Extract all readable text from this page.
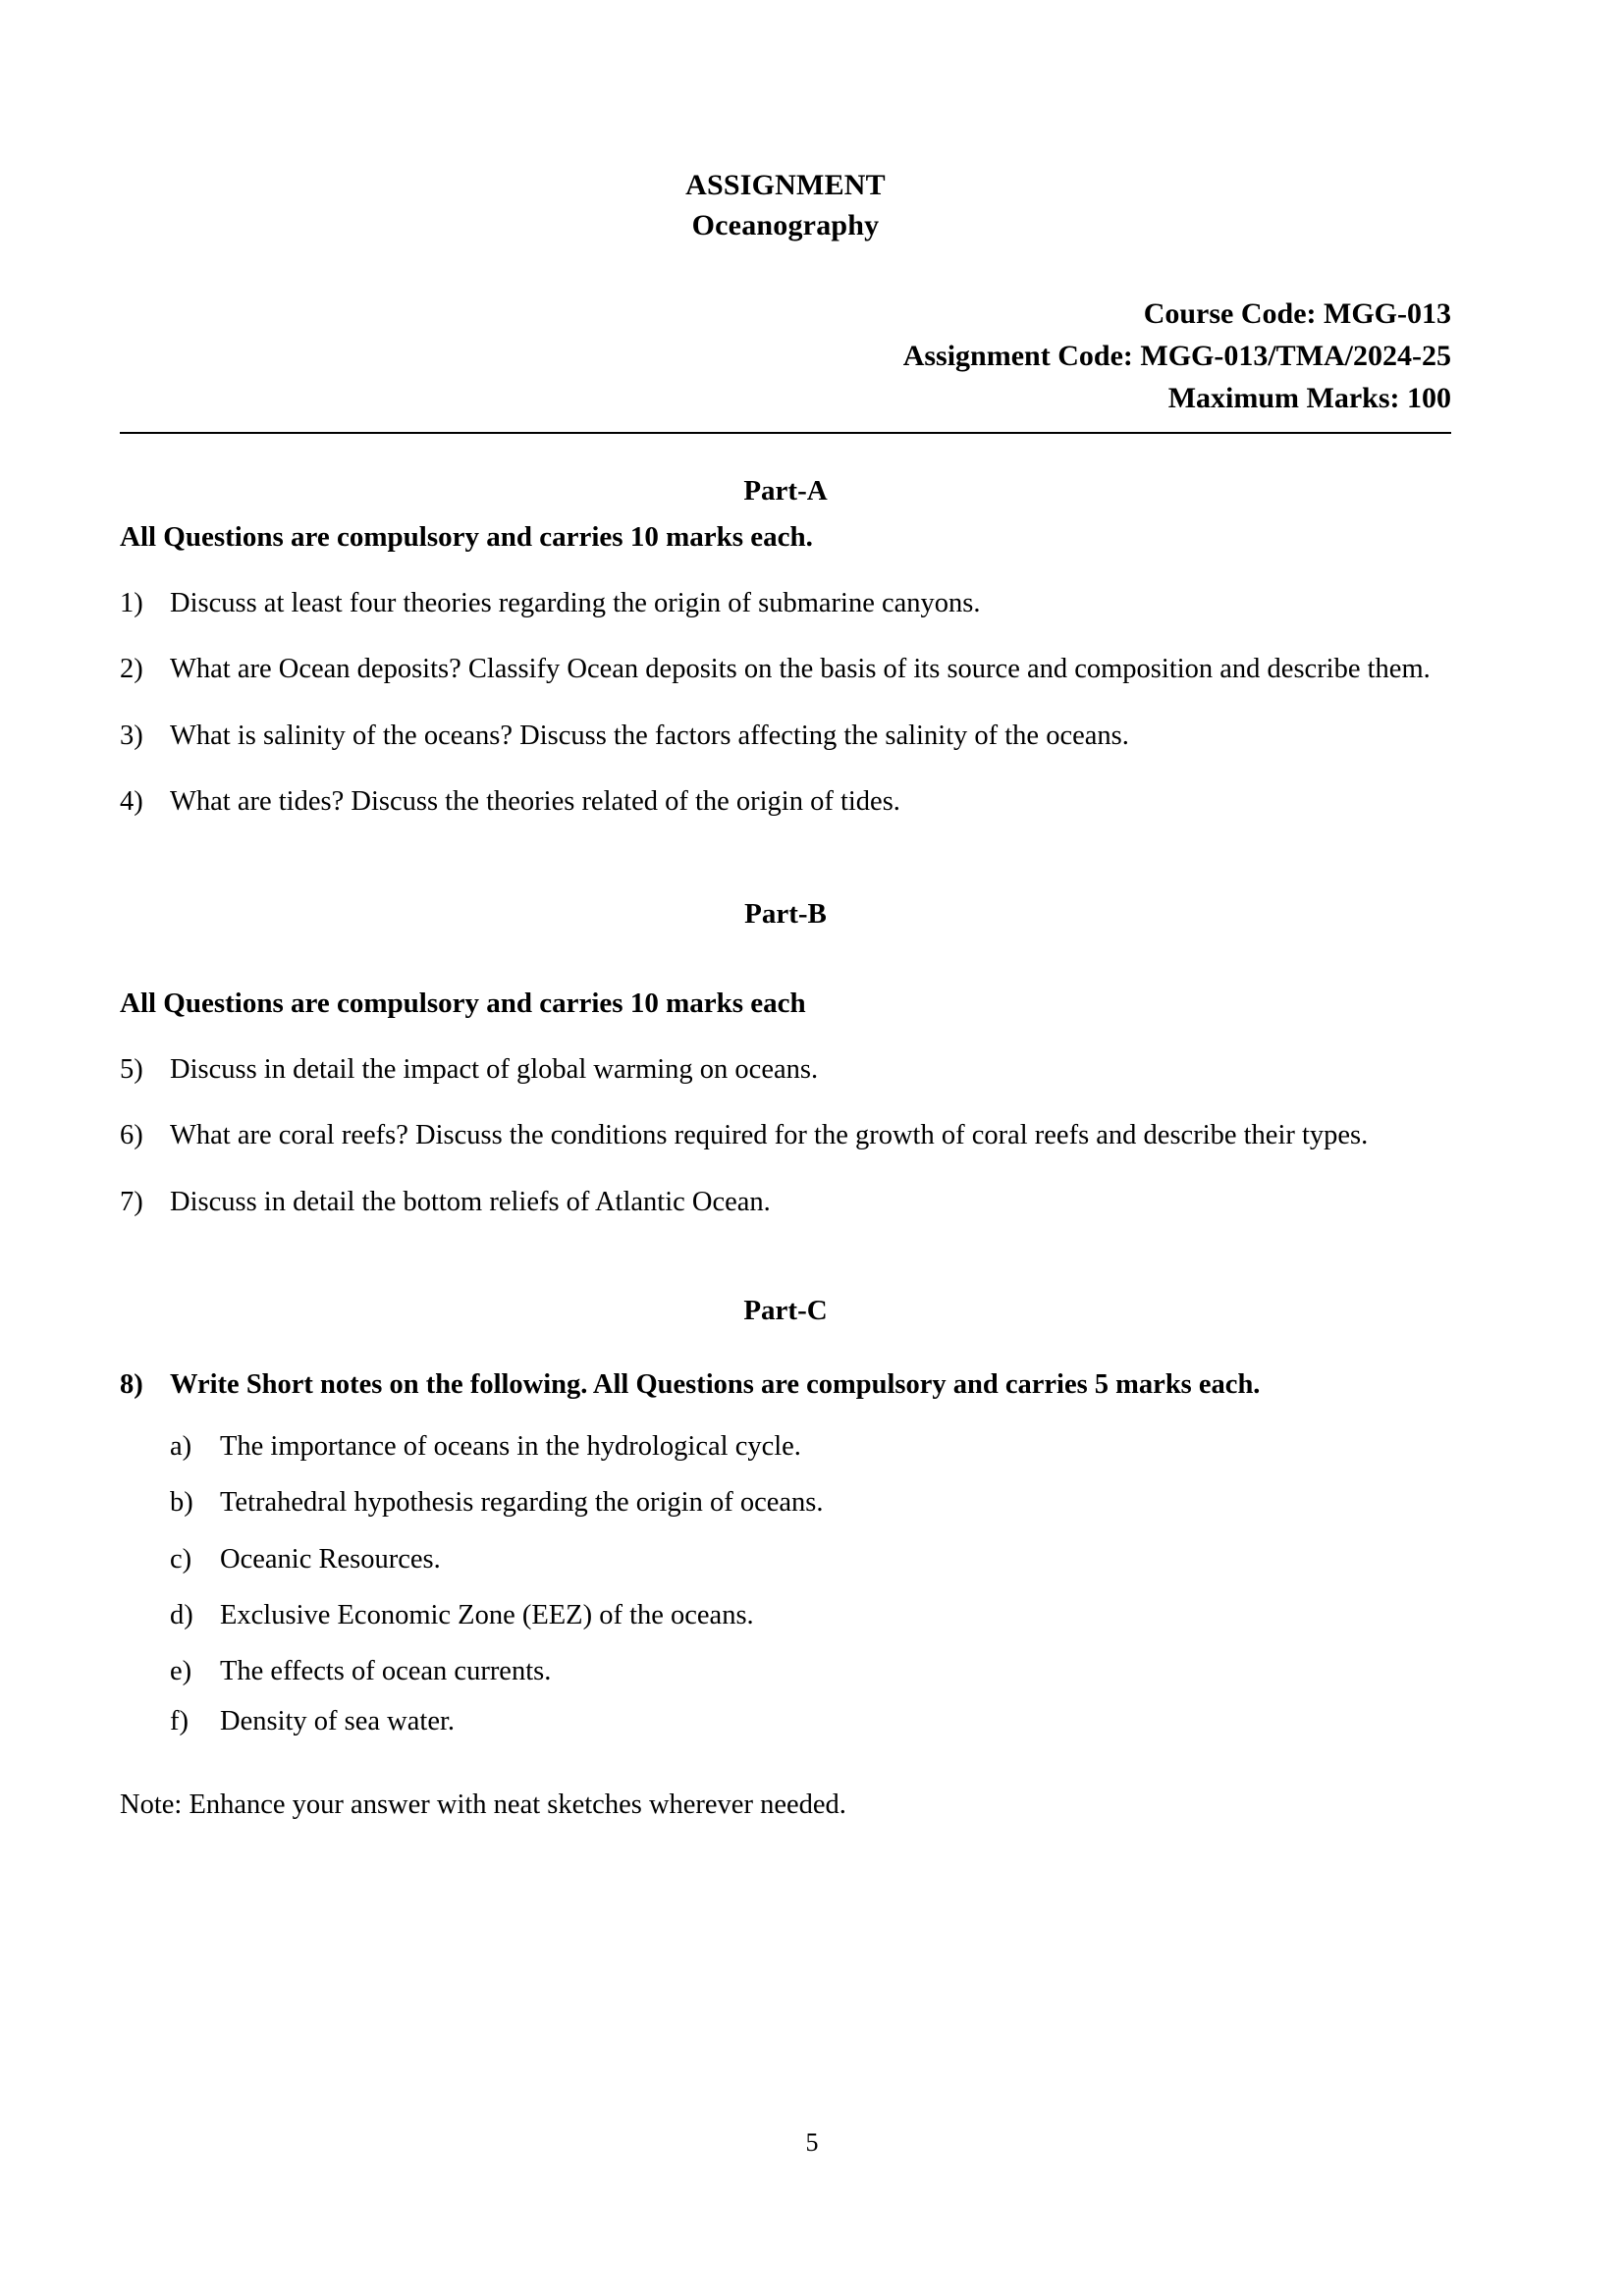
ASSIGNMENT
Oceanography
Course Code: MGG-013
Assignment Code: MGG-013/TMA/2024-25
Maximum Marks: 100
Part-A
All Questions are compulsory and carries 10 marks each.
1) Discuss at least four theories regarding the origin of submarine canyons.
2) What are Ocean deposits? Classify Ocean deposits on the basis of its source and composition and describe them.
3) What is salinity of the oceans? Discuss the factors affecting the salinity of the oceans.
4) What are tides? Discuss the theories related of the origin of tides.
Part-B
All Questions are compulsory and carries 10 marks each
5) Discuss in detail the impact of global warming on oceans.
6) What are coral reefs? Discuss the conditions required for the growth of coral reefs and describe their types.
7) Discuss in detail the bottom reliefs of Atlantic Ocean.
Part-C
8) Write Short notes on the following. All Questions are compulsory and carries 5 marks each.
a)	The importance of oceans in the hydrological cycle.
b) Tetrahedral hypothesis regarding the origin of oceans.
c)	Oceanic Resources.
d) Exclusive Economic Zone (EEZ) of the oceans.
e)	The effects of ocean currents.
f)	Density of sea water.
Note: Enhance your answer with neat sketches wherever needed.
5
